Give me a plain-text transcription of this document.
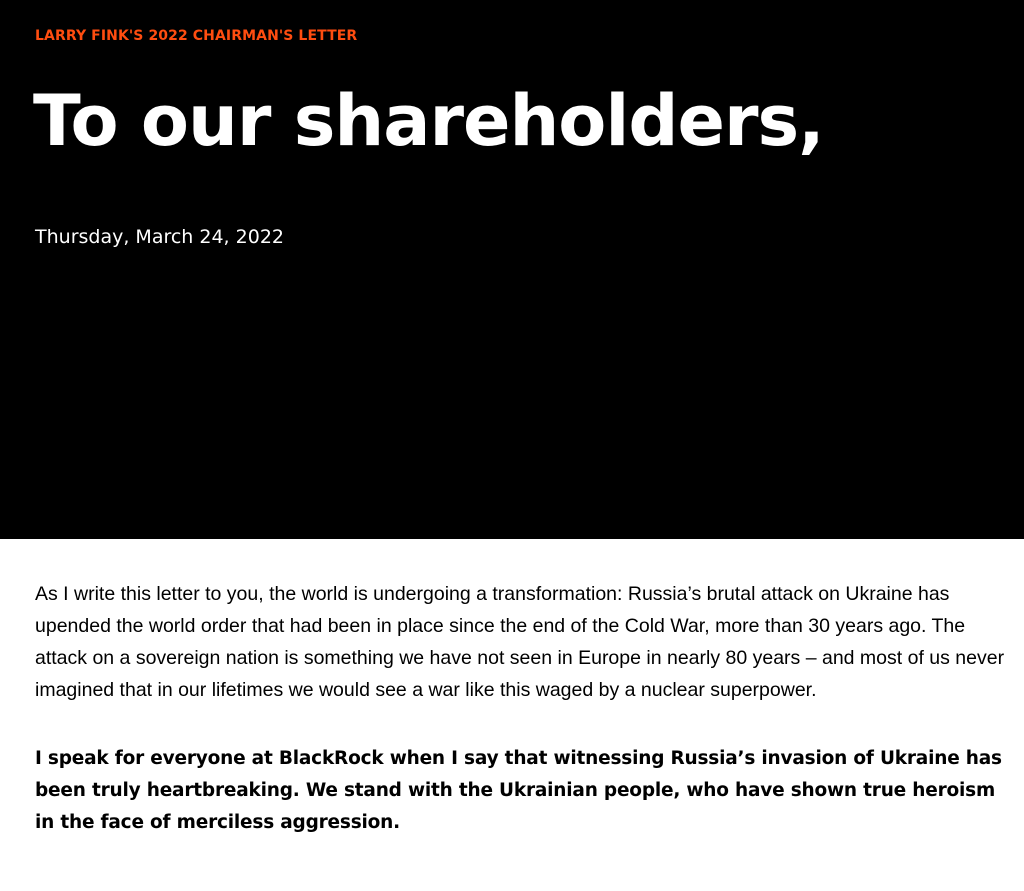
LARRY FINK'S 2022 CHAIRMAN'S LETTER

To our shareholders,

Thursday, March 24, 2022

As I write this letter to you, the world is undergoing a transformation: Russia’s brutal attack on Ukraine has upended the world order that had been in place since the end of the Cold War, more than 30 years ago. The attack on a sovereign nation is something we have not seen in Europe in nearly 80 years – and most of us never imagined that in our lifetimes we would see a war like this waged by a nuclear superpower.

I speak for everyone at BlackRock when I say that witnessing Russia’s invasion of Ukraine has been truly heartbreaking. We stand with the Ukrainian people, who have shown true heroism in the face of merciless aggression.
